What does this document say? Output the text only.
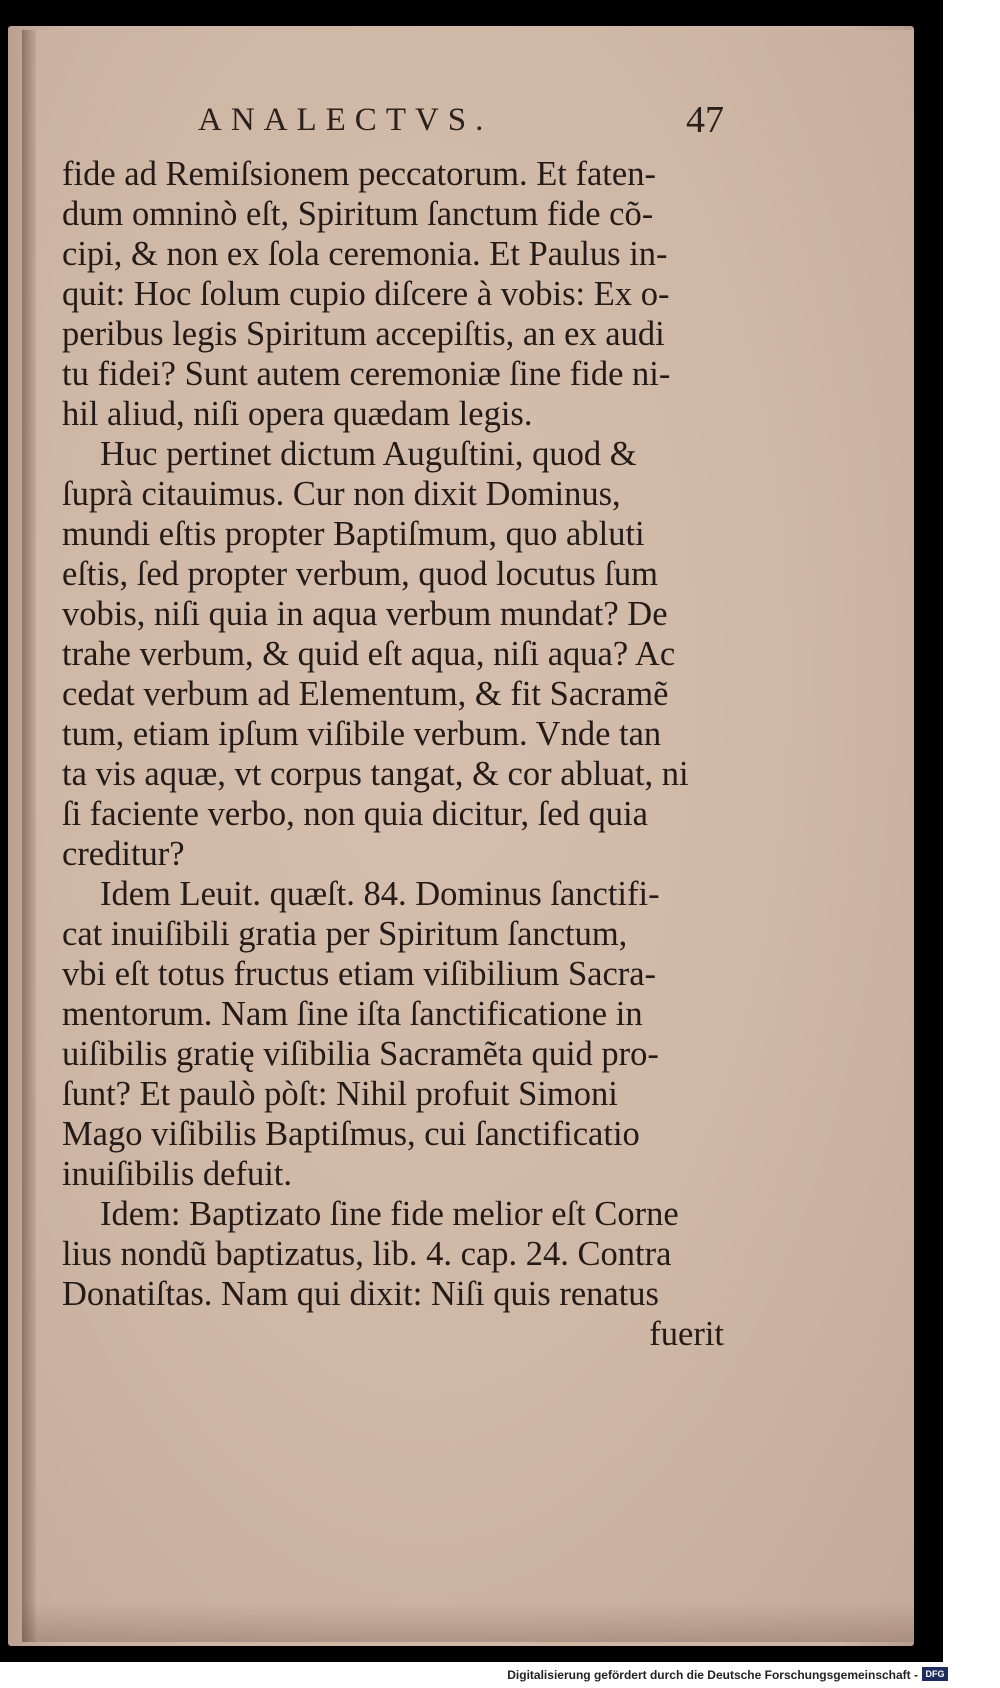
ANALECTVS.	47
fide ad Remiſsionem peccatorum. Et faten-
dum omninò eſt, Spiritum ſanctum fide cõ-
cipi, & non ex ſola ceremonia. Et Paulus in-
quit: Hoc ſolum cupio diſcere à vobis: Ex o-
peribus legis Spiritum accepiſtis, an ex audi
tu fidei? Sunt autem ceremoniæ ſine fide ni-
hil aliud, niſi opera quædam legis.
Huc pertinet dictum Auguſtini, quod &
ſuprà citauimus. Cur non dixit Dominus,
mundi eſtis propter Baptiſmum, quo abluti
eſtis, ſed propter verbum, quod locutus ſum
vobis, niſi quia in aqua verbum mundat? De
trahe verbum, & quid eſt aqua, niſi aqua? Ac
cedat verbum ad Elementum, & fit Sacramẽ
tum, etiam ipſum viſibile verbum. Vnde tan
ta vis aquæ, vt corpus tangat, & cor abluat, ni
ſi faciente verbo, non quia dicitur, ſed quia
creditur?
Idem Leuit. quæſt. 84. Dominus ſanctifi-
cat inuiſibili gratia per Spiritum ſanctum,
vbi eſt totus fructus etiam viſibilium Sacra-
mentorum. Nam ſine iſta ſanctificatione in
uiſibilis gratię viſibilia Sacramẽta quid pro-
ſunt? Et paulò pòſt: Nihil profuit Simoni
Mago viſibilis Baptiſmus, cui ſanctificatio
inuiſibilis defuit.
Idem: Baptizato ſine fide melior eſt Corne
lius nondũ baptizatus, lib. 4. cap. 24. Contra
Donatiſtas. Nam qui dixit: Niſi quis renatus
fuerit
Digitalisierung gefördert durch die Deutsche Forschungsgemeinschaft - DFG
